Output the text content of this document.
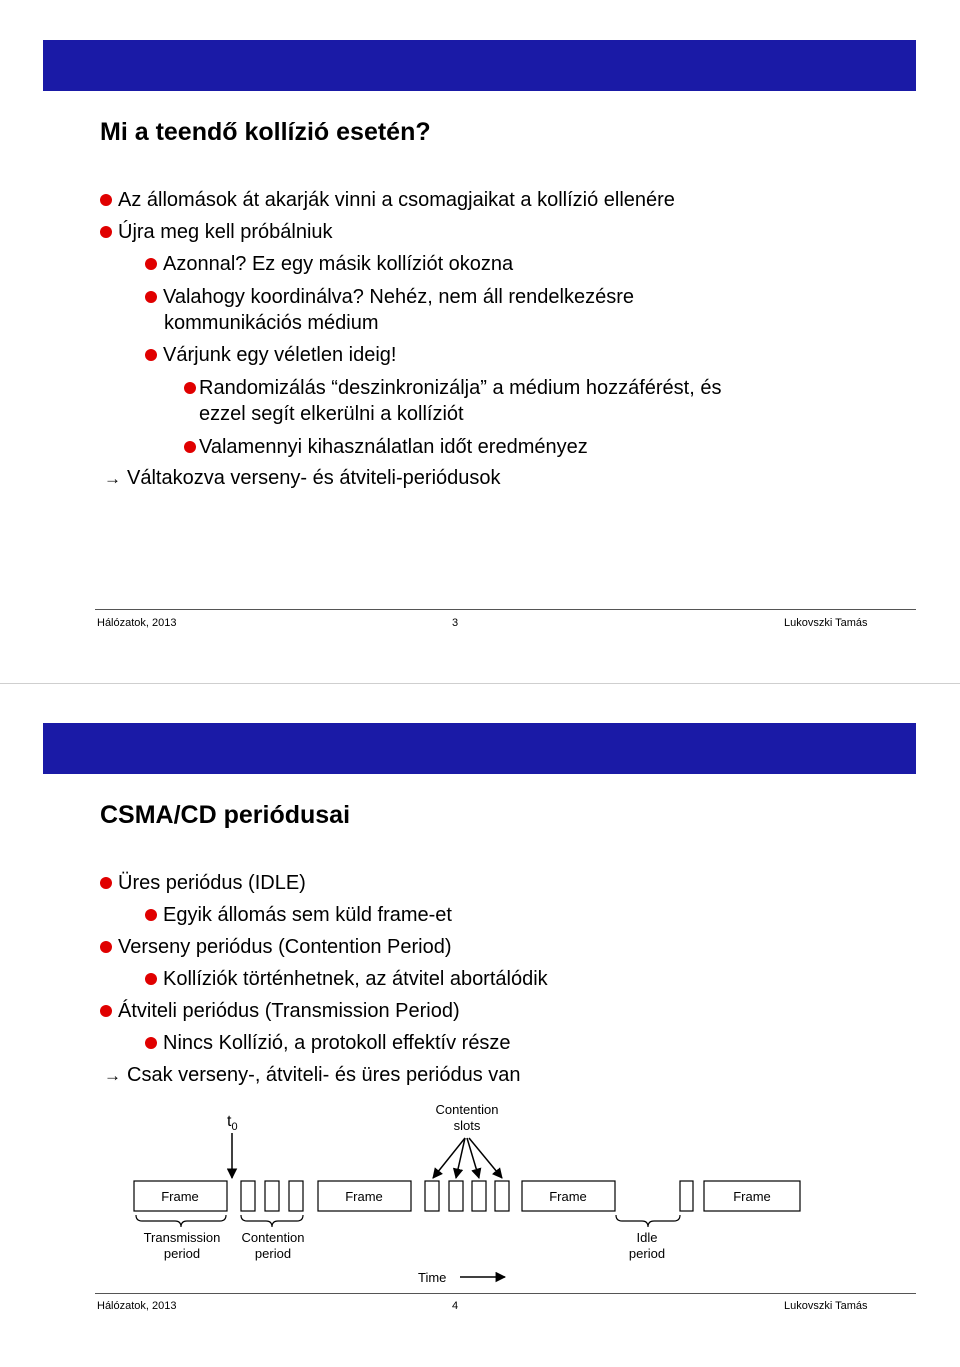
Mi a teendő kollízió esetén?
Az állomások át akarják vinni a csomagjaikat a kollízió ellenére
Újra meg kell próbálniuk
Azonnal? Ez egy másik kollíziót okozna
Valahogy koordinálva? Nehéz, nem áll rendelkezésre
kommunikációs médium
Várjunk egy véletlen ideig!
Randomizálás “deszinkronizálja” a médium hozzáférést, és
ezzel segít elkerülni a kollíziót
Valamennyi kihasználatlan időt eredményez
→ Váltakozva verseny- és átviteli-periódusok
Hálózatok, 2013	3	Lukovszki Tamás
CSMA/CD periódusai
Üres periódus (IDLE)
Egyik állomás sem küld frame-et
Verseny periódus (Contention Period)
Kollíziók történhetnek, az átvitel abortálódik
Átviteli periódus (Transmission Period)
Nincs Kollízió, a protokoll effektív része
→ Csak verseny-, átviteli- és üres periódus van
$t_0$
Contention
slots
Frame	Frame	Frame	Frame
Transmission
period
Contention
period
Idle
period
Time
Hálózatok, 2013	4	Lukovszki Tamás
